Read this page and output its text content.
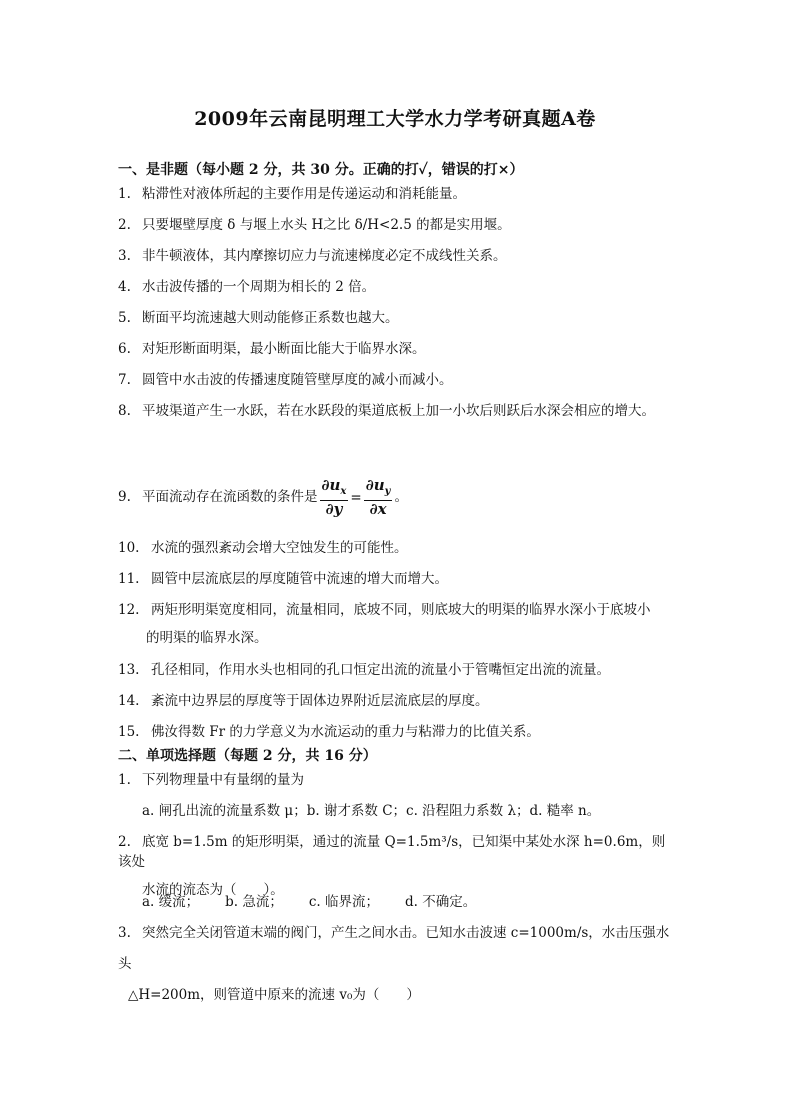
2009年云南昆明理工大学水力学考研真题A卷
一、是非题（每小题 2 分，共 30 分。正确的打✓，错误的打×）
1. 粘滞性对液体所起的主要作用是传递运动和消耗能量。
2. 只要堰壁厚度 δ 与堰上水头 H之比 δ/H<2.5 的都是实用堰。
3. 非牛顿液体，其内摩擦切应力与流速梯度必定不成线性关系。
4. 水击波传播的一个周期为相长的 2 倍。
5. 断面平均流速越大则动能修正系数也越大。
6. 对矩形断面明渠，最小断面比能大于临界水深。
7. 圆管中水击波的传播速度随管壁厚度的减小而减小。
8. 平坡渠道产生一水跃，若在水跃段的渠道底板上加一小坎后则跃后水深会相应的增大。
9. 平面流动存在流函数的条件是 $\frac{\partial u_x}{\partial y} = \frac{\partial u_y}{\partial x}$ 。
10. 水流的强烈紊动会增大空蚀发生的可能性。
11. 圆管中层流底层的厚度随管中流速的增大而增大。
12. 两矩形明渠宽度相同，流量相同，底坡不同，则底坡大的明渠的临界水深小于底坡小
的明渠的临界水深。
13. 孔径相同，作用水头也相同的孔口恒定出流的流量小于管嘴恒定出流的流量。
14. 紊流中边界层的厚度等于固体边界附近层流底层的厚度。
15. 佛汝得数 Fr 的力学意义为水流运动的重力与粘滞力的比值关系。
二、单项选择题（每题 2 分，共 16 分）
1. 下列物理量中有量纲的量为
a. 闸孔出流的流量系数 μ；b. 谢才系数 C；c. 沿程阻力系数 λ；d. 糙率 n。
2. 底宽 b=1.5m 的矩形明渠，通过的流量 Q=1.5m³/s，已知渠中某处水深 h=0.6m，则该处
水流的流态为（　　）。
a. 缓流； b. 急流； c. 临界流； d. 不确定。
3. 突然完全关闭管道末端的阀门，产生之间水击。已知水击波速 c=1000m/s，水击压强水
头
△H=200m，则管道中原来的流速 v₀为（　　）
